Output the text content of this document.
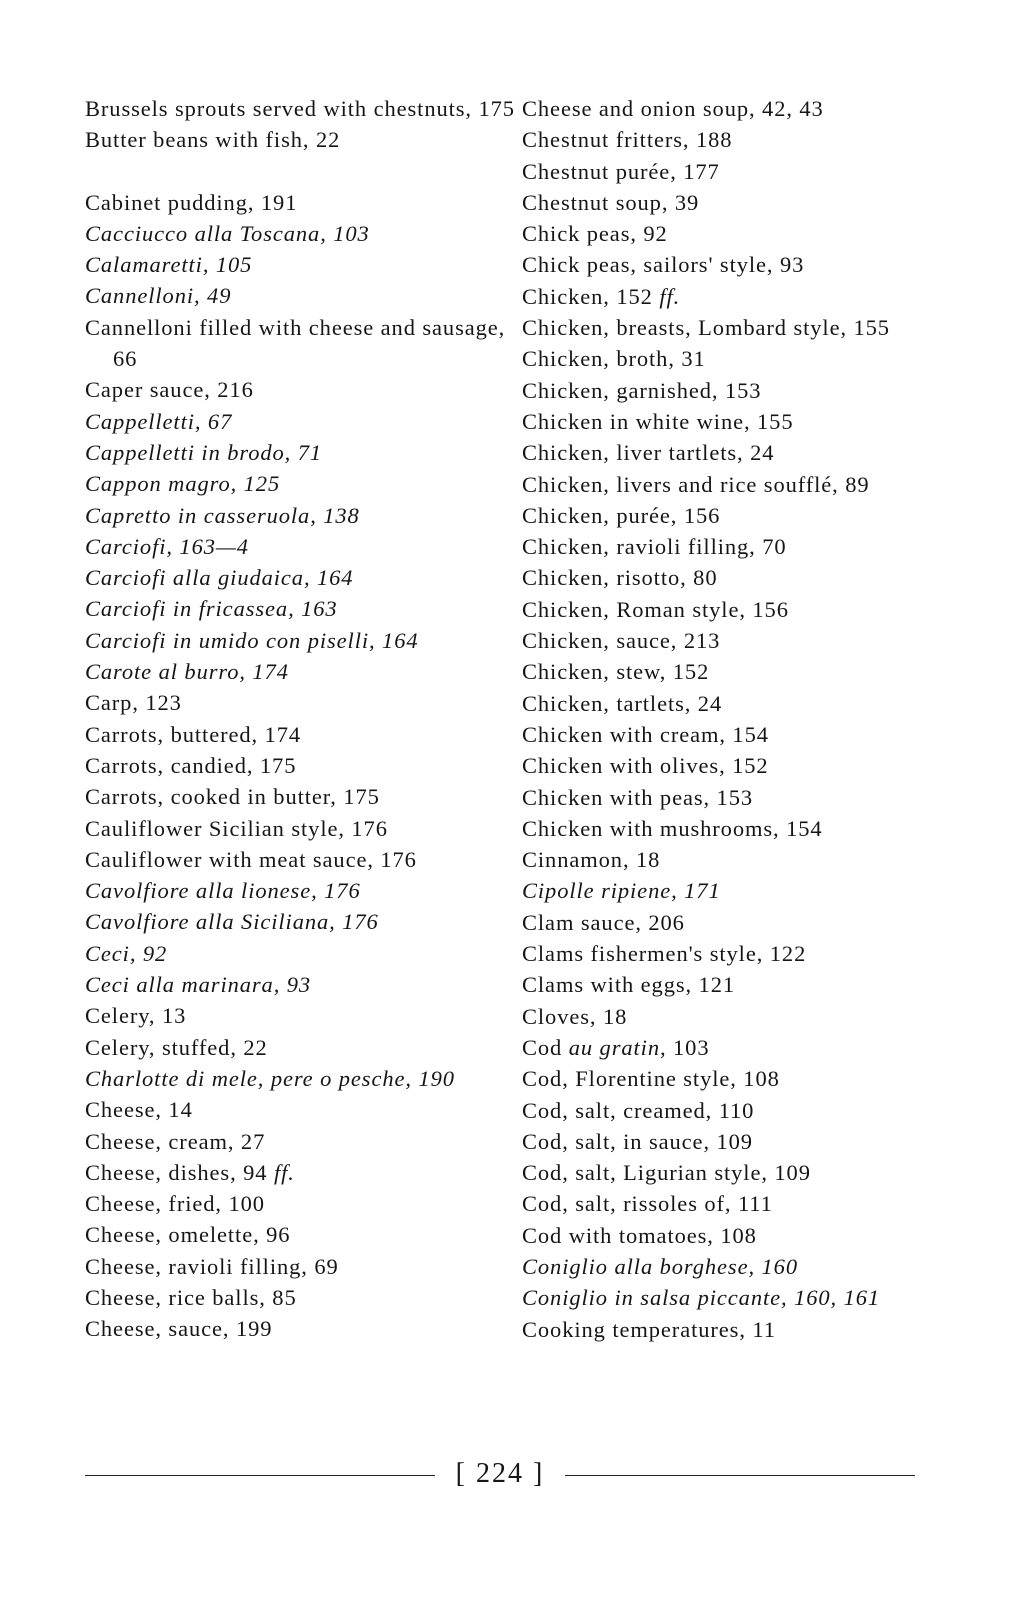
Brussels sprouts served with chestnuts, 175
Butter beans with fish, 22
Cabinet pudding, 191
Cacciucco alla Toscana, 103
Calamaretti, 105
Cannelloni, 49
Cannelloni filled with cheese and sausage, 66
Caper sauce, 216
Cappelletti, 67
Cappelletti in brodo, 71
Cappon magro, 125
Capretto in casseruola, 138
Carciofi, 163—4
Carciofi alla giudaica, 164
Carciofi in fricassea, 163
Carciofi in umido con piselli, 164
Carote al burro, 174
Carp, 123
Carrots, buttered, 174
Carrots, candied, 175
Carrots, cooked in butter, 175
Cauliflower Sicilian style, 176
Cauliflower with meat sauce, 176
Cavolfiore alla lionese, 176
Cavolfiore alla Siciliana, 176
Ceci, 92
Ceci alla marinara, 93
Celery, 13
Celery, stuffed, 22
Charlotte di mele, pere o pesche, 190
Cheese, 14
Cheese, cream, 27
Cheese, dishes, 94 ff.
Cheese, fried, 100
Cheese, omelette, 96
Cheese, ravioli filling, 69
Cheese, rice balls, 85
Cheese, sauce, 199
Cheese and onion soup, 42, 43
Chestnut fritters, 188
Chestnut purée, 177
Chestnut soup, 39
Chick peas, 92
Chick peas, sailors' style, 93
Chicken, 152 ff.
Chicken, breasts, Lombard style, 155
Chicken, broth, 31
Chicken, garnished, 153
Chicken in white wine, 155
Chicken, liver tartlets, 24
Chicken, livers and rice soufflé, 89
Chicken, purée, 156
Chicken, ravioli filling, 70
Chicken, risotto, 80
Chicken, Roman style, 156
Chicken, sauce, 213
Chicken, stew, 152
Chicken, tartlets, 24
Chicken with cream, 154
Chicken with olives, 152
Chicken with peas, 153
Chicken with mushrooms, 154
Cinnamon, 18
Cipolle ripiene, 171
Clam sauce, 206
Clams fishermen's style, 122
Clams with eggs, 121
Cloves, 18
Cod au gratin, 103
Cod, Florentine style, 108
Cod, salt, creamed, 110
Cod, salt, in sauce, 109
Cod, salt, Ligurian style, 109
Cod, salt, rissoles of, 111
Cod with tomatoes, 108
Coniglio alla borghese, 160
Coniglio in salsa piccante, 160, 161
Cooking temperatures, 11
[ 224 ]
